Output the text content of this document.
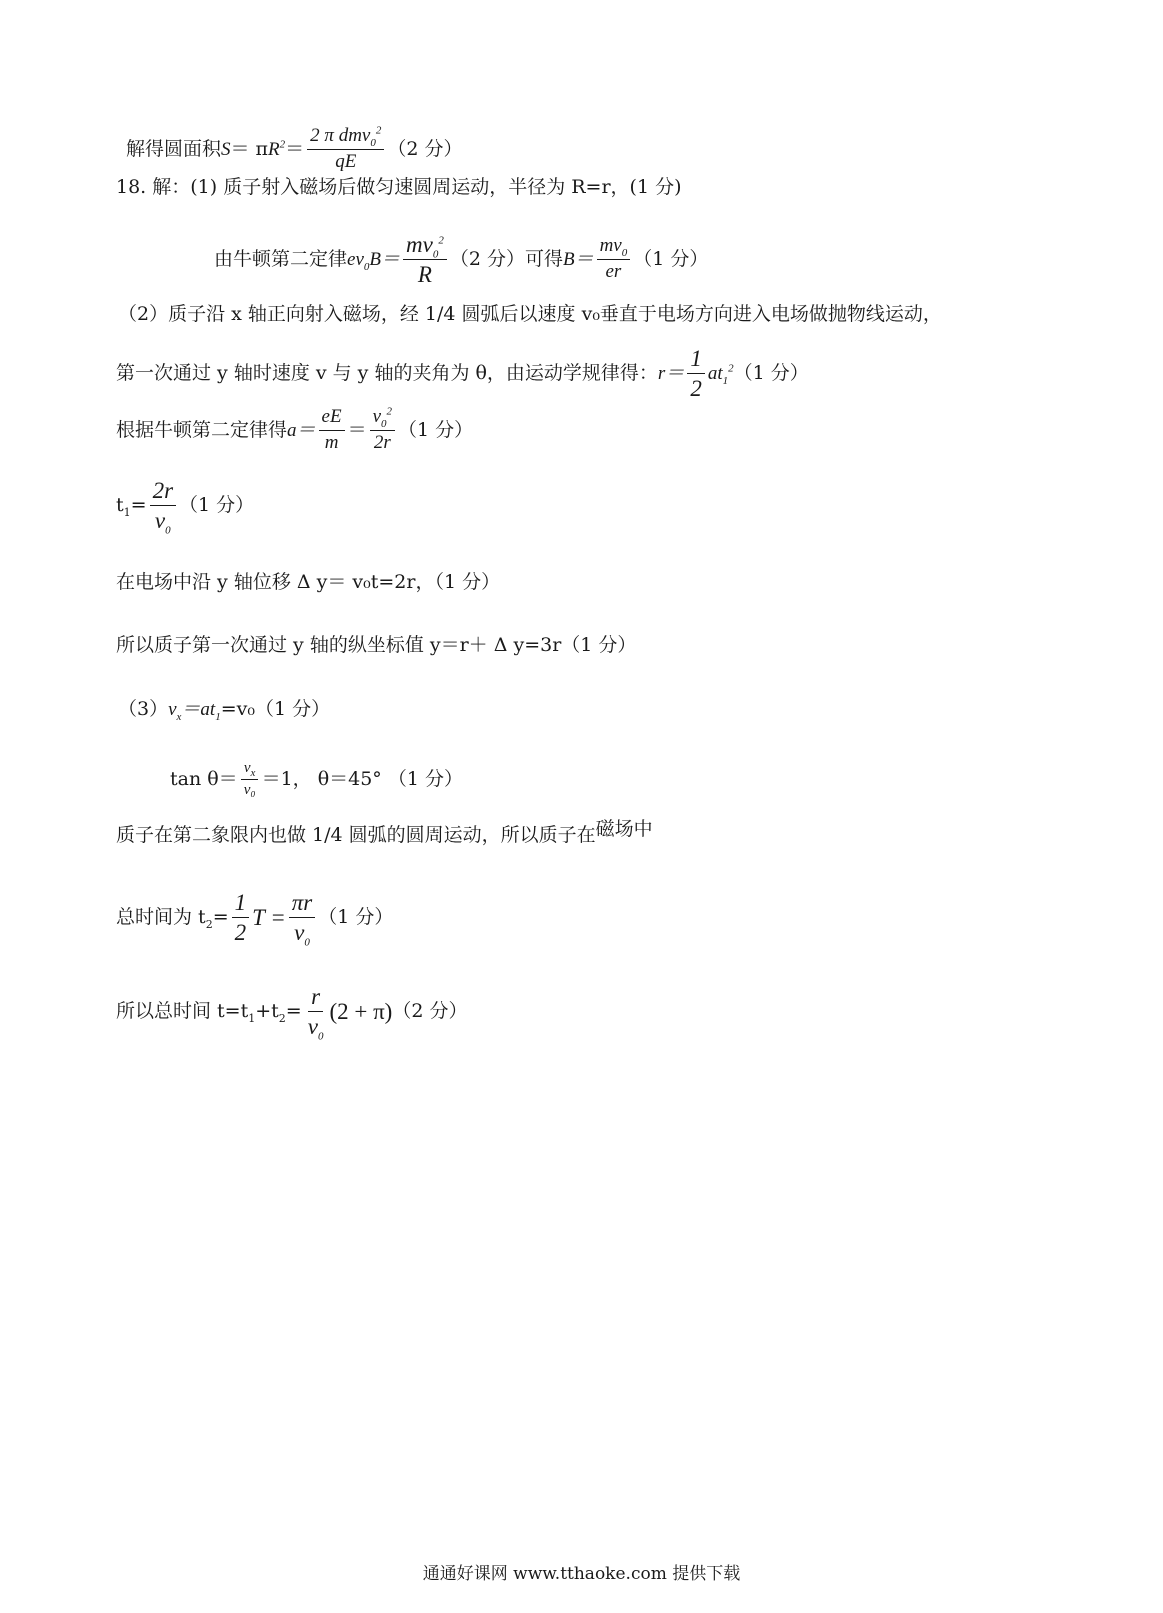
解得圆面积 S ＝ π $R^2 = \frac{2 \pi dmv_0^2}{qE} (2$ 分）
18. 解：(1) 质子射入磁场后做匀速圆周运动，半径为 R=r，(1 分)
由牛顿第二定律 $ev_0$ $B= \frac{mv_0^2}{R} (2$ 分）可得 $B= \frac{mv_0}{er} (1$ 分）
（2）质子沿 x 轴正向射入磁场，经 1/4 圆弧后以速度 v₀垂直于电场方向进入电场做抛物线运动，
第一次通过 y 轴时速度 v 与 y 轴的夹角为 θ，由运动学规律得： $r= \frac{1}{2} at_1^2$ （1 分）
根据牛顿第二定律得 $a= \frac{eE}{m} = \frac{v_0^2}{2r} (1$ 分）
$t_1 = \frac{2r}{v_0} (1$ 分）
在电场中沿 y 轴位移 Δ y＝ v₀t=2r，（1 分）
所以质子第一次通过 y 轴的纵坐标值 y＝r＋ Δ y=3r（1 分）
（3） $v_x =at_1 =v_0(1$ 分）
$\tan \theta= \frac{v_x}{\text{v₀}} =1$， θ＝45° （1 分）
质子在第二象限内也做 1/4 圆弧的圆周运动，所以质子在 磁场中
总时间为 $t_2 = \frac{1}{2}$ $T = \frac{\pi r}{v_0} (1$ 分）
所以总时间 $t=t_1 +t_2 = \frac{r}{v_0} (2 + \pi)$ （2 分）
通通好课网 www.tthaoke.com 提供下载
